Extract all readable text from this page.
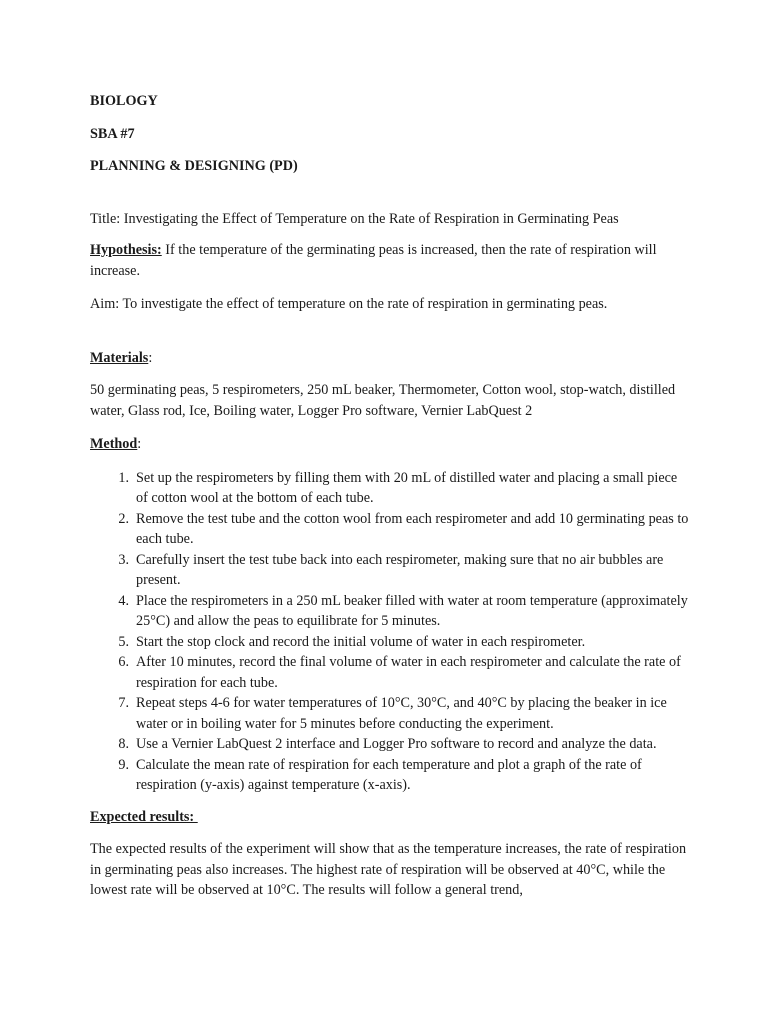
BIOLOGY

SBA #7

PLANNING & DESIGNING (PD)

Title: Investigating the Effect of Temperature on the Rate of Respiration in Germinating Peas

Hypothesis: If the temperature of the germinating peas is increased, then the rate of respiration will increase.

Aim: To investigate the effect of temperature on the rate of respiration in germinating peas.

Materials:

50 germinating peas, 5 respirometers, 250 mL beaker, Thermometer, Cotton wool, stop-watch, distilled water, Glass rod, Ice, Boiling water, Logger Pro software, Vernier LabQuest 2

Method:

1. Set up the respirometers by filling them with 20 mL of distilled water and placing a small piece of cotton wool at the bottom of each tube.
2. Remove the test tube and the cotton wool from each respirometer and add 10 germinating peas to each tube.
3. Carefully insert the test tube back into each respirometer, making sure that no air bubbles are present.
4. Place the respirometers in a 250 mL beaker filled with water at room temperature (approximately 25°C) and allow the peas to equilibrate for 5 minutes.
5. Start the stop clock and record the initial volume of water in each respirometer.
6. After 10 minutes, record the final volume of water in each respirometer and calculate the rate of respiration for each tube.
7. Repeat steps 4-6 for water temperatures of 10°C, 30°C, and 40°C by placing the beaker in ice water or in boiling water for 5 minutes before conducting the experiment.
8. Use a Vernier LabQuest 2 interface and Logger Pro software to record and analyze the data.
9. Calculate the mean rate of respiration for each temperature and plot a graph of the rate of respiration (y-axis) against temperature (x-axis).

Expected results:

The expected results of the experiment will show that as the temperature increases, the rate of respiration in germinating peas also increases. The highest rate of respiration will be observed at 40°C, while the lowest rate will be observed at 10°C. The results will follow a general trend,
